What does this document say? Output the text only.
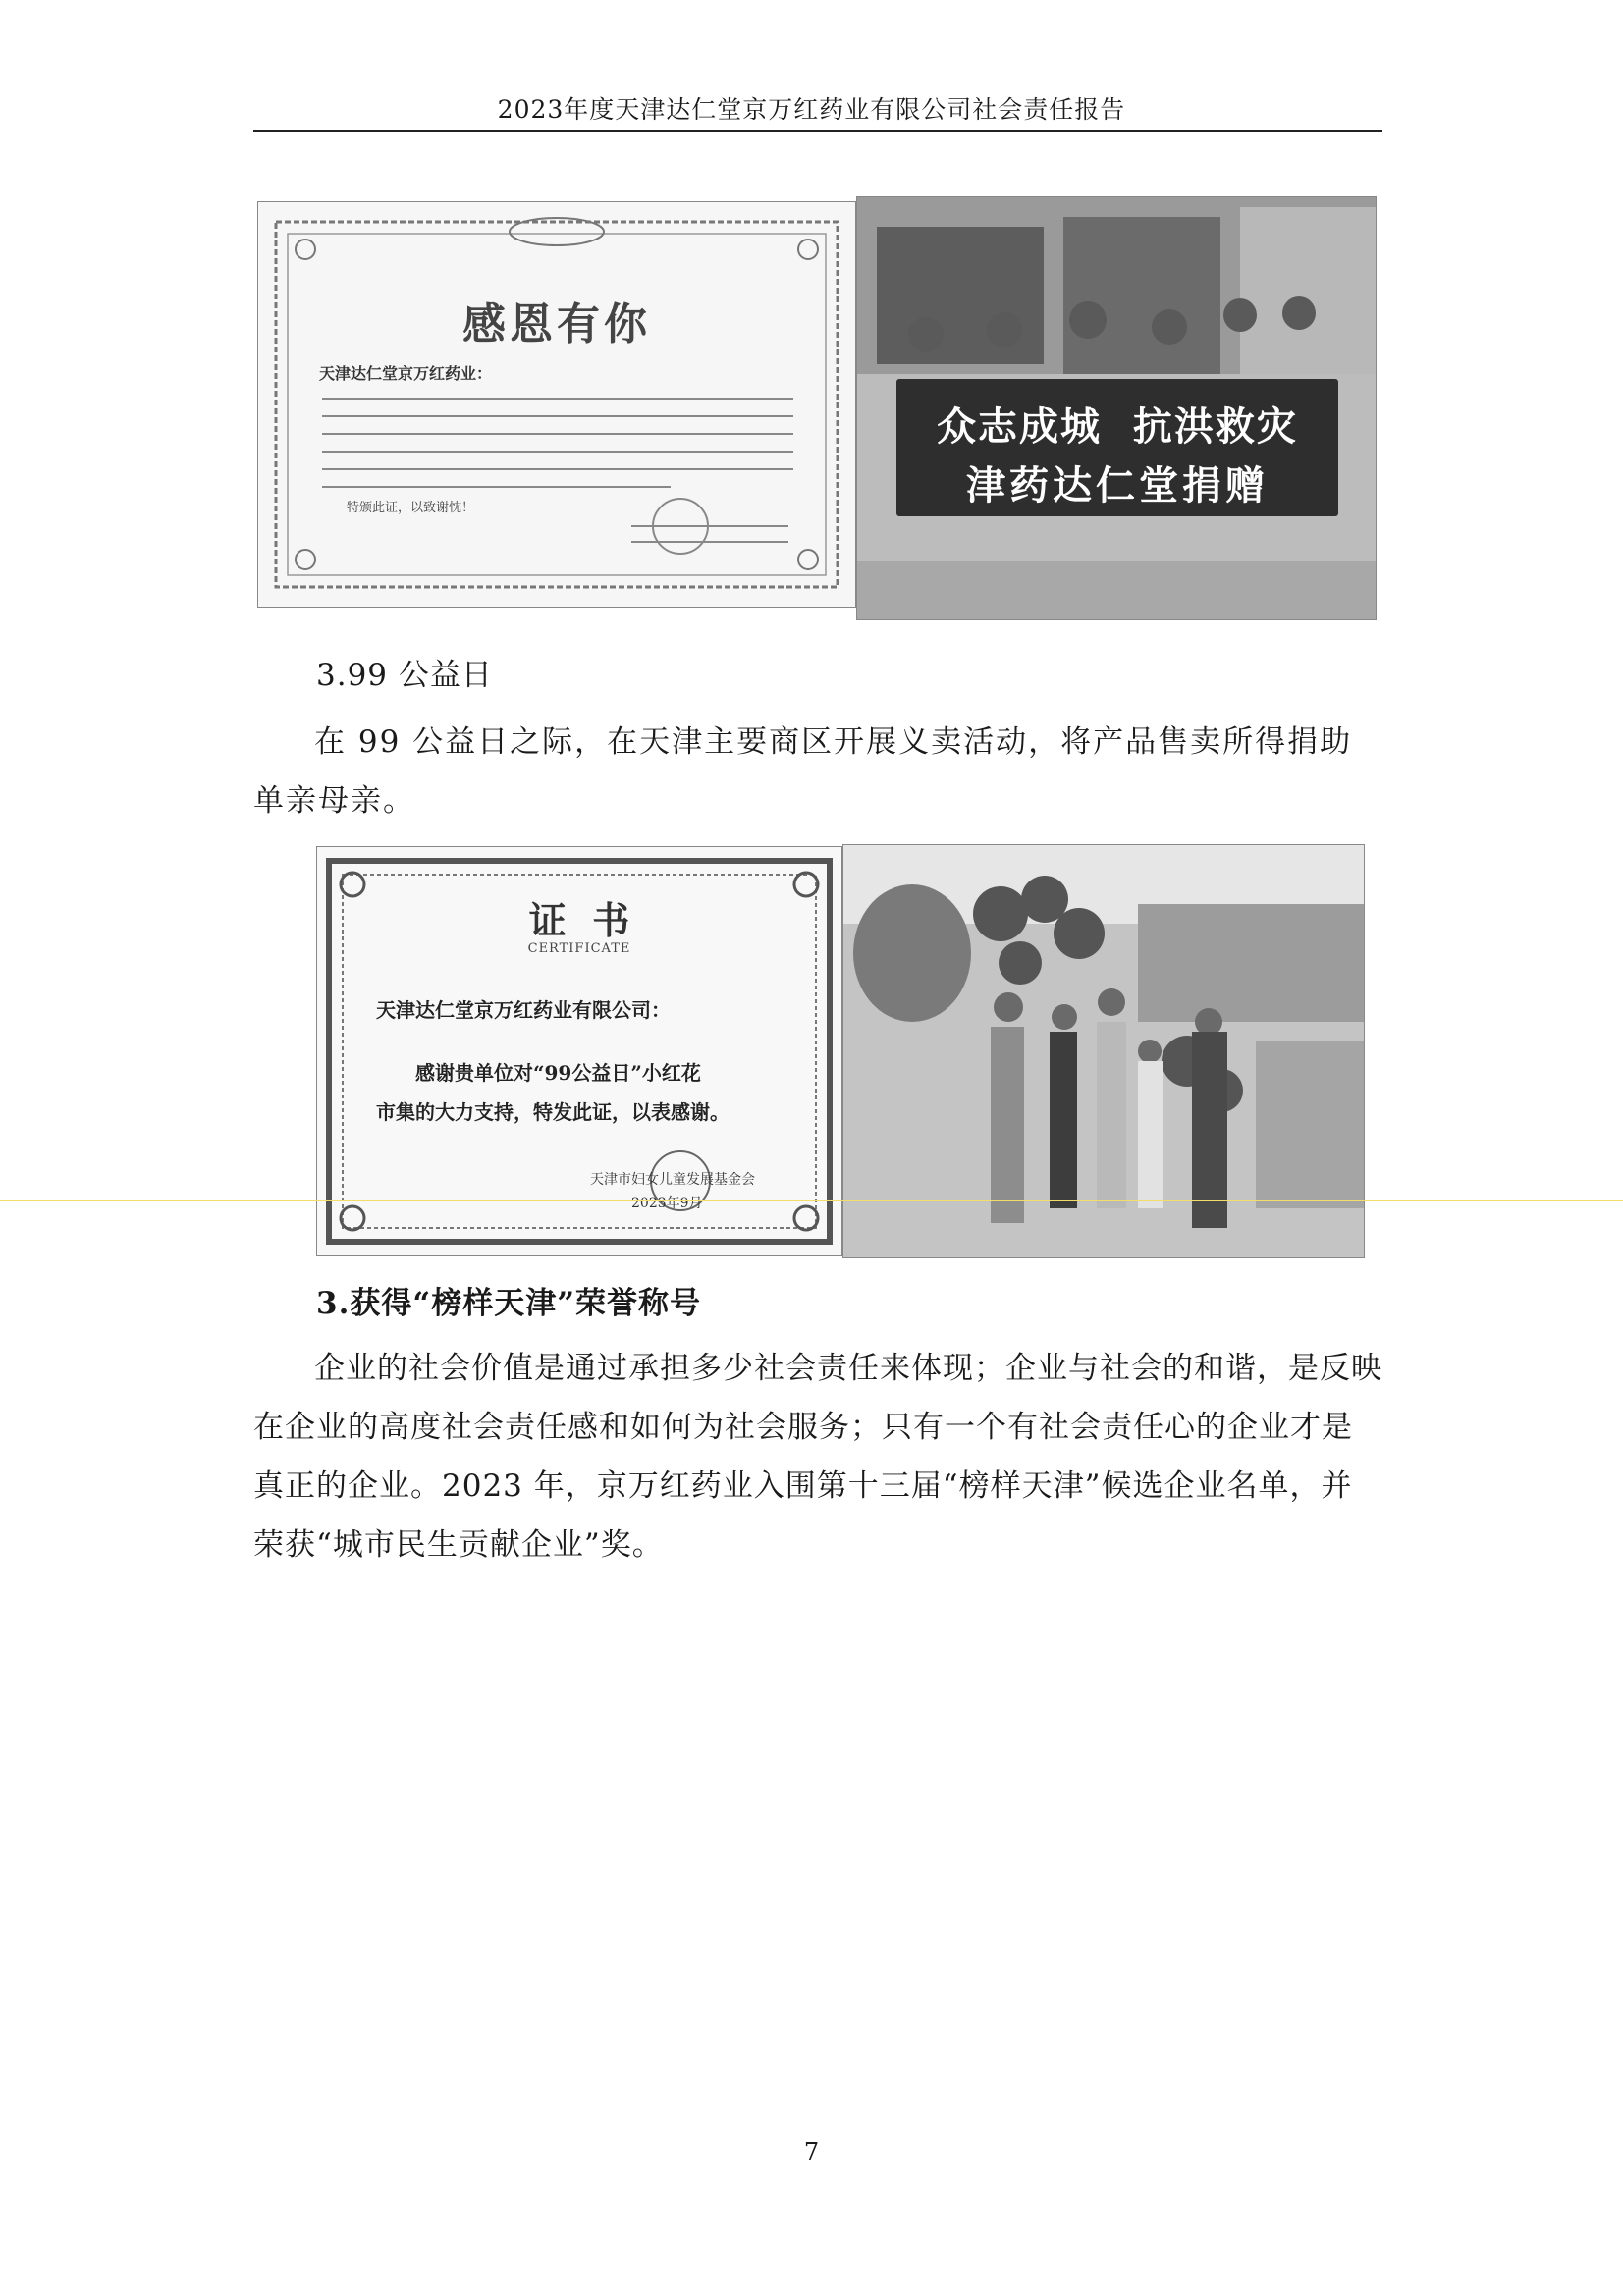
2023年度天津达仁堂京万红药业有限公司社会责任报告
感恩有你
天津达仁堂京万红药业：
特颁此证，以致谢忱！
众志成城  抗洪救灾
津药达仁堂捐赠
3.99 公益日
在 99 公益日之际，在天津主要商区开展义卖活动，将产品售卖所得捐助单亲母亲。
证  书
CERTIFICATE
天津达仁堂京万红药业有限公司：
感谢贵单位对“99公益日”小红花
市集的大力支持，特发此证，以表感谢。
天津市妇女儿童发展基金会
2023年9月
3.获得“榜样天津”荣誉称号
企业的社会价值是通过承担多少社会责任来体现；企业与社会的和谐，是反映在企业的高度社会责任感和如何为社会服务；只有一个有社会责任心的企业才是真正的企业。2023 年，京万红药业入围第十三届“榜样天津”候选企业名单，并荣获“城市民生贡献企业”奖。
7
